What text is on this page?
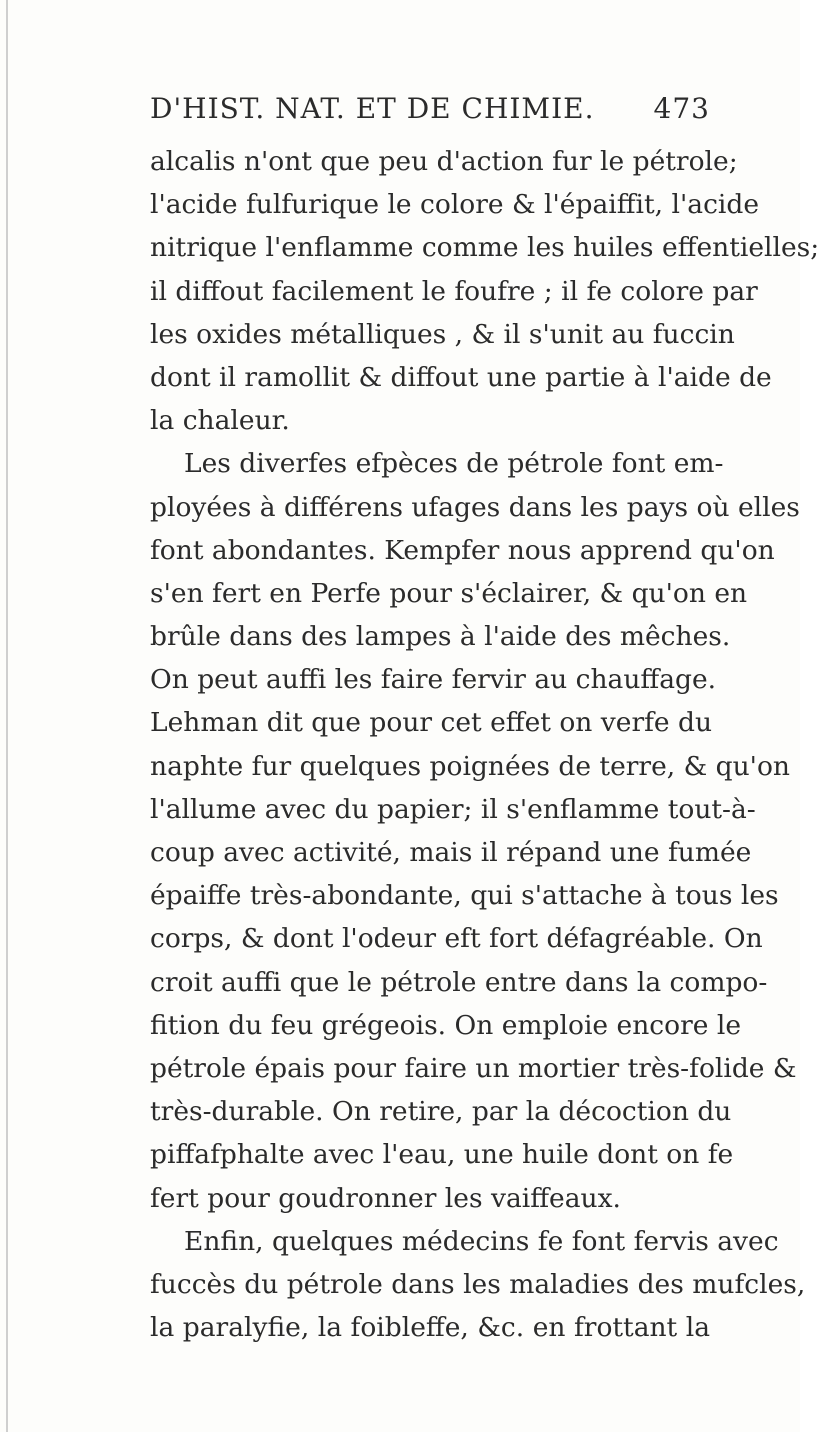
D'HIST. NAT. ET DE CHIMIE. 473
alcalis n'ont que peu d'action fur le pétrole;
l'acide fulfurique le colore & l'épaiffit, l'acide
nitrique l'enflamme comme les huiles effentielles;
il diffout facilement le foufre ; il fe colore par
les oxides métalliques , & il s'unit au fuccin
dont il ramollit & diffout une partie à l'aide de
la chaleur.
Les diverfes efpèces de pétrole font em-
ployées à différens ufages dans les pays où elles
font abondantes. Kempfer nous apprend qu'on
s'en fert en Perfe pour s'éclairer, & qu'on en
brûle dans des lampes à l'aide des mêches.
On peut auffi les faire fervir au chauffage.
Lehman dit que pour cet effet on verfe du
naphte fur quelques poignées de terre, & qu'on
l'allume avec du papier; il s'enflamme tout-à-
coup avec activité, mais il répand une fumée
épaiffe très-abondante, qui s'attache à tous les
corps, & dont l'odeur eft fort défagréable. On
croit auffi que le pétrole entre dans la compo-
fition du feu grégeois. On emploie encore le
pétrole épais pour faire un mortier très-folide &
très-durable. On retire, par la décoction du
piffafphalte avec l'eau, une huile dont on fe
fert pour goudronner les vaiffeaux.
Enfin, quelques médecins fe font fervis avec
fuccès du pétrole dans les maladies des mufcles,
la paralyfie, la foibleffe, &c. en frottant la
